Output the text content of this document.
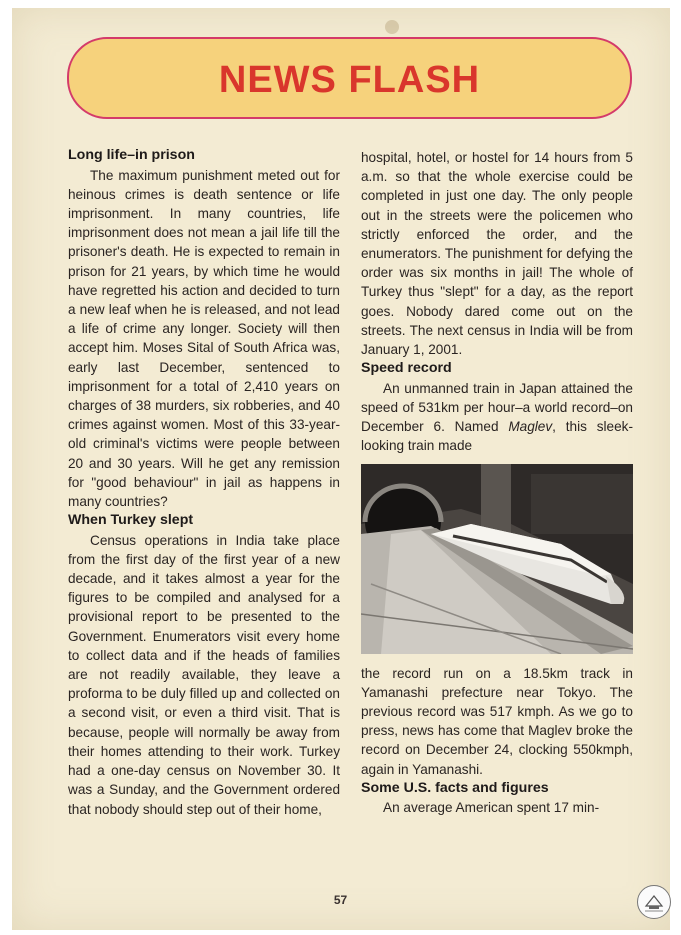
NEWS FLASH
Long life–in prison

The maximum punishment meted out for heinous crimes is death sentence or life imprisonment. In many countries, life imprisonment does not mean a jail life till the prisoner's death. He is expected to remain in prison for 21 years, by which time he would have regretted his action and decided to turn a new leaf when he is released, and not lead a life of crime any longer. Society will then accept him. Moses Sital of South Africa was, early last December, sentenced to imprisonment for a total of 2,410 years on charges of 38 murders, six robberies, and 40 crimes against women. Most of this 33-year-old criminal's victims were people between 20 and 30 years. Will he get any remission for "good behaviour" in jail as happens in many countries?

When Turkey slept

Census operations in India take place from the first day of the first year of a new decade, and it takes almost a year for the figures to be compiled and analysed for a provisional report to be presented to the Government. Enumerators visit every home to collect data and if the heads of families are not readily available, they leave a proforma to be duly filled up and collected on a second visit, or even a third visit. That is because, people will normally be away from their homes attending to their work. Turkey had a one-day census on November 30. It was a Sunday, and the Government ordered that nobody should step out of their home,

hospital, hotel, or hostel for 14 hours from 5 a.m. so that the whole exercise could be completed in just one day. The only people out in the streets were the policemen who strictly enforced the order, and the enumerators. The punishment for defying the order was six months in jail! The whole of Turkey thus "slept" for a day, as the report goes. Nobody dared come out on the streets. The next census in India will be from January 1, 2001.

Speed record

An unmanned train in Japan attained the speed of 531km per hour–a world record–on December 6. Named Maglev, this sleek-looking train made

the record run on a 18.5km track in Yamanashi prefecture near Tokyo. The previous record was 517 kmph. As we go to press, news has come that Maglev broke the record on December 24, clocking 550kmph, again in Yamanashi.

Some U.S. facts and figures

An average American spent 17 min-

57
